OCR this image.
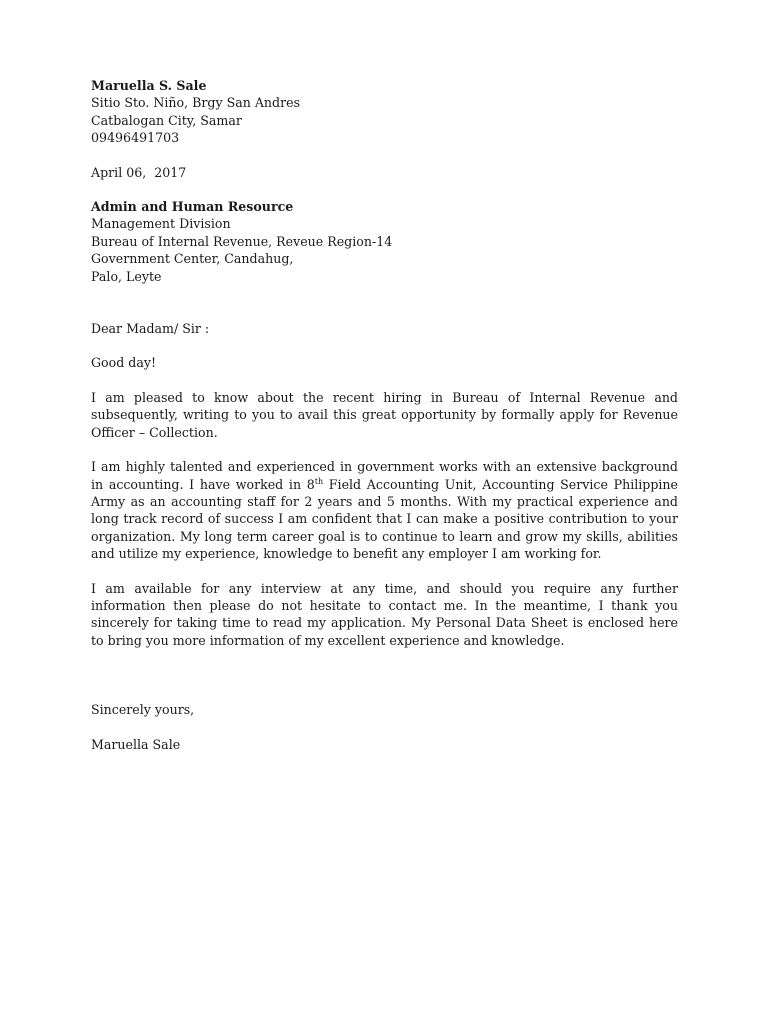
Maruella S. Sale
Sitio Sto. Niño, Brgy San Andres
Catbalogan City, Samar
09496491703
April 06,  2017
Admin and Human Resource
Management Division
Bureau of Internal Revenue, Reveue Region-14
Government Center, Candahug,
Palo, Leyte
Dear Madam/ Sir :
Good day!

I am pleased to know about the recent hiring in Bureau of Internal Revenue and subsequently, writing to you to avail this great opportunity by formally apply for Revenue Officer – Collection.

I am highly talented and experienced in government works with an extensive background in accounting. I have worked in 8th Field Accounting Unit, Accounting Service Philippine Army as an accounting staff for 2 years and 5 months. With my practical experience and long track record of success I am confident that I can make a positive contribution to your organization. My long term career goal is to continue to learn and grow my skills, abilities and utilize my experience, knowledge to benefit any employer I am working for.

I am available for any interview at any time, and should you require any further information then please do not hesitate to contact me. In the meantime, I thank you sincerely for taking time to read my application. My Personal Data Sheet is enclosed here to bring you more information of my excellent experience and knowledge.

Sincerely yours,
Maruella Sale
